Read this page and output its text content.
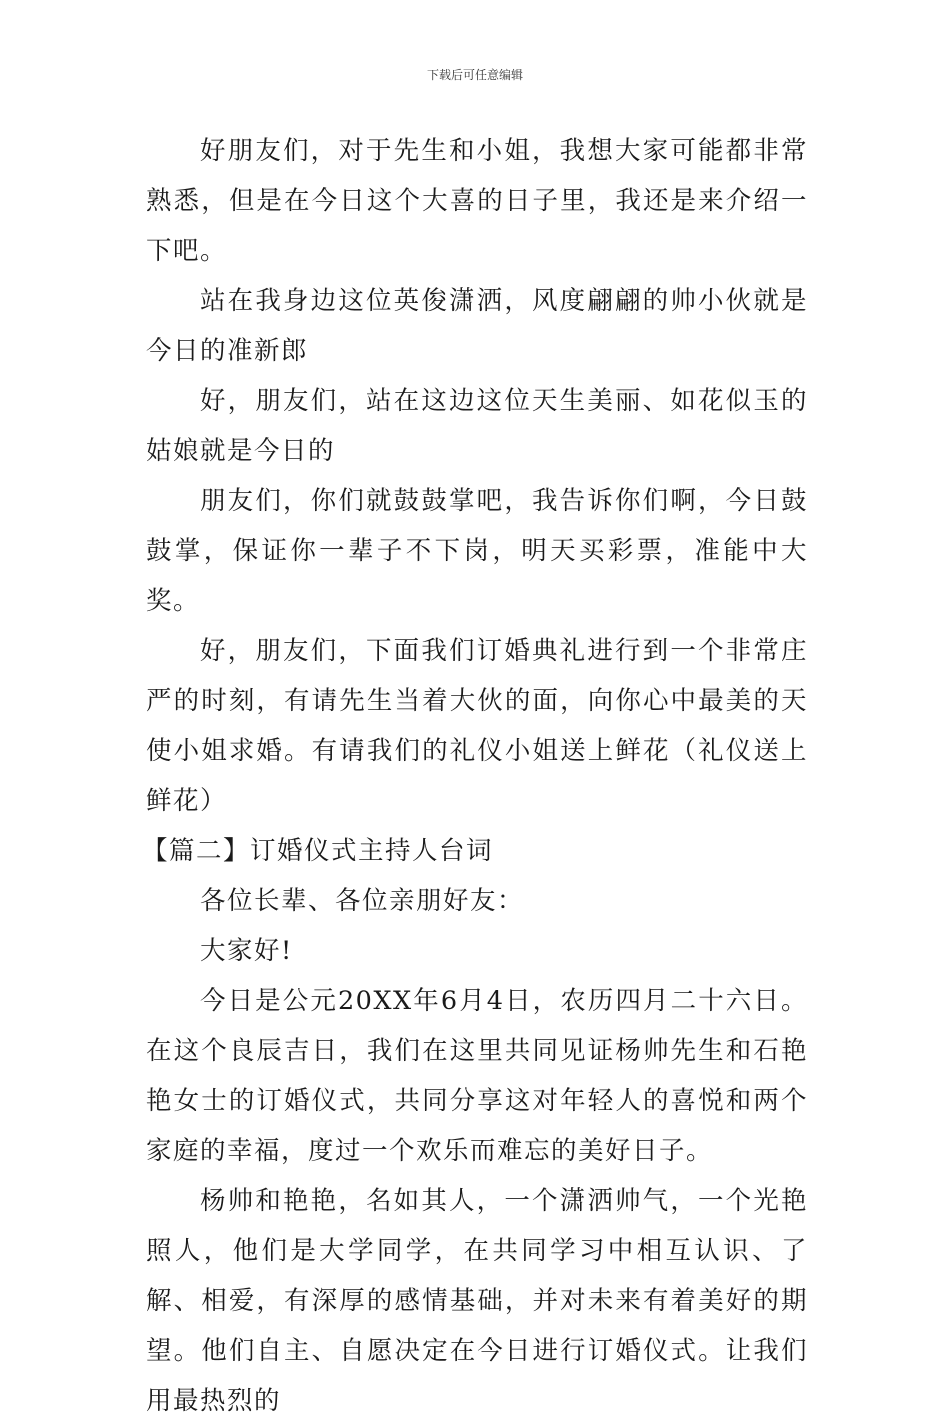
下载后可任意编辑

好朋友们，对于先生和小姐，我想大家可能都非常熟悉，但是在今日这个大喜的日子里，我还是来介绍一下吧。

站在我身边这位英俊潇洒，风度翩翩的帅小伙就是今日的准新郎

好，朋友们，站在这边这位天生美丽、如花似玉的姑娘就是今日的

朋友们，你们就鼓鼓掌吧，我告诉你们啊，今日鼓鼓掌，保证你一辈子不下岗，明天买彩票，准能中大奖。

好，朋友们，下面我们订婚典礼进行到一个非常庄严的时刻，有请先生当着大伙的面，向你心中最美的天使小姐求婚。有请我们的礼仪小姐送上鲜花（礼仪送上鲜花）

【篇二】订婚仪式主持人台词

各位长辈、各位亲朋好友：

大家好!

今日是公元20XX年6月4日，农历四月二十六日。在这个良辰吉日，我们在这里共同见证杨帅先生和石艳艳女士的订婚仪式，共同分享这对年轻人的喜悦和两个家庭的幸福，度过一个欢乐而难忘的美好日子。

杨帅和艳艳，名如其人，一个潇洒帅气，一个光艳照人，他们是大学同学，在共同学习中相互认识、了解、相爱，有深厚的感情基础，并对未来有着美好的期望。他们自主、自愿决定在今日进行订婚仪式。让我们用最热烈的
